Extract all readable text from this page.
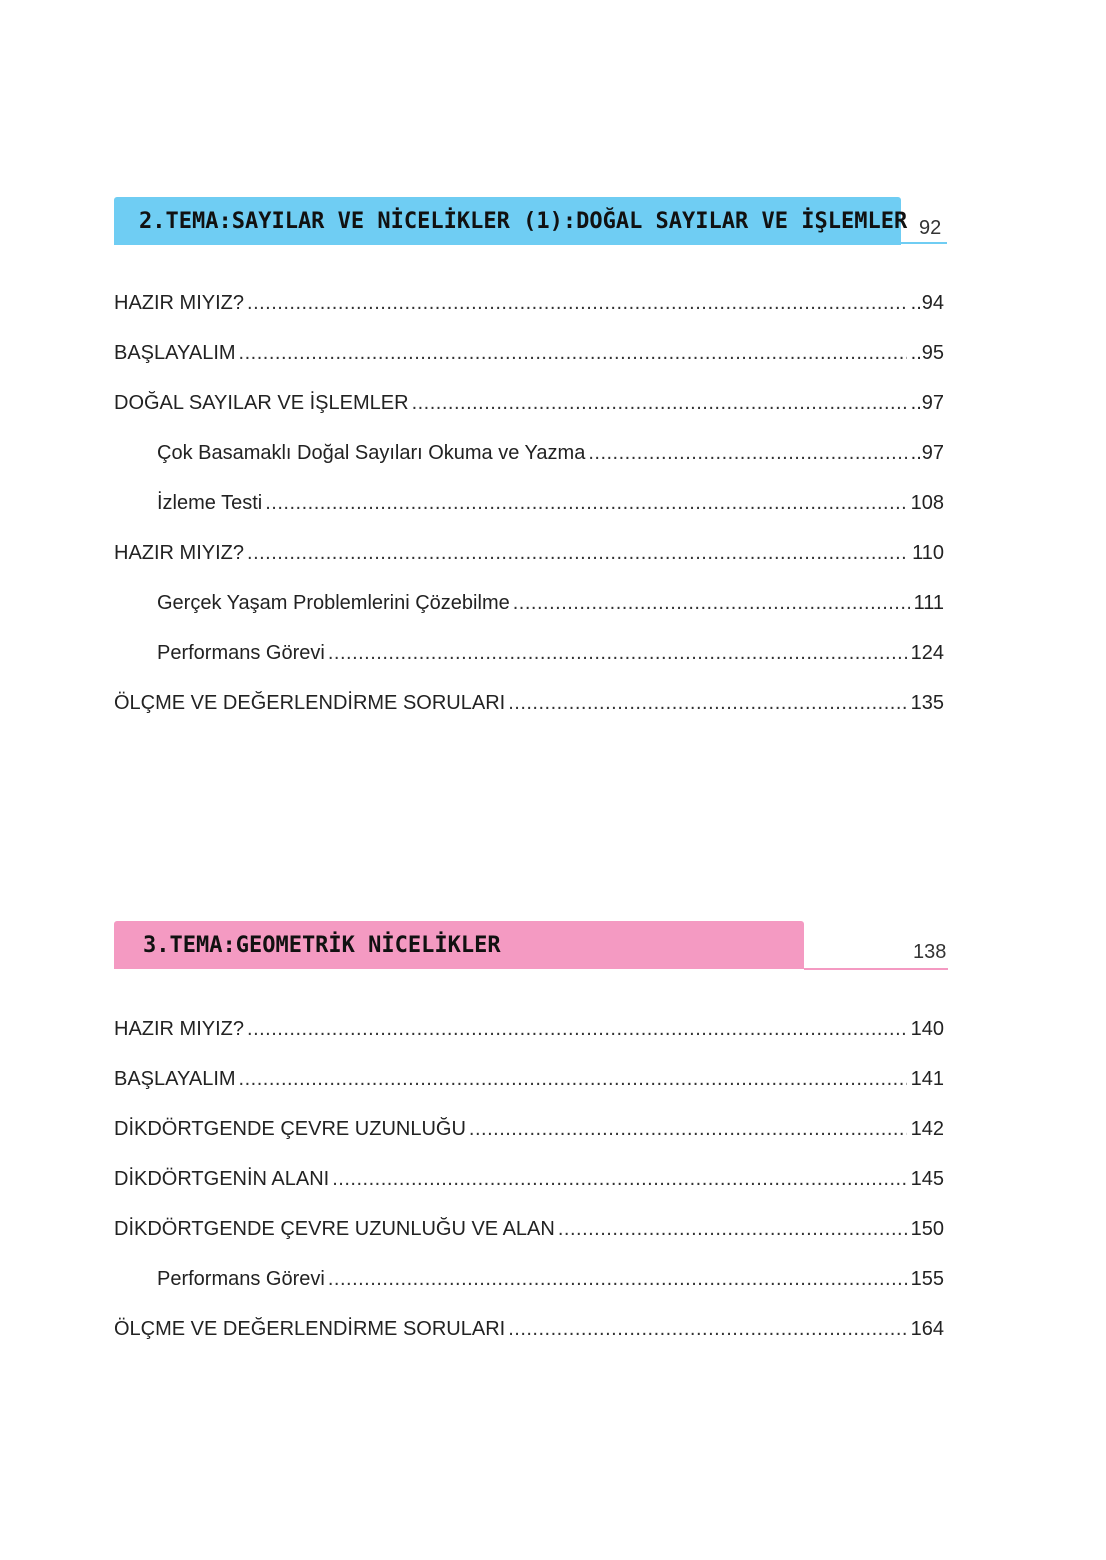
2.TEMA:SAYILAR VE NİCELİKLER (1):DOĞAL SAYILAR VE İŞLEMLER 92
HAZIR MIYIZ? .....	..94
BAŞLAYALIM .....	..95
DOĞAL SAYILAR VE İŞLEMLER .....	..97
Çok Basamaklı Doğal Sayıları Okuma ve Yazma .....	..97
İzleme Testi .....	108
HAZIR MIYIZ? .....	110
Gerçek Yaşam Problemlerini Çözebilme .....	111
Performans Görevi .....	124
ÖLÇME VE DEĞERLENDİRME SORULARI .....	135
3.TEMA:GEOMETRİK NİCELİKLER	138
HAZIR MIYIZ? .....	140
BAŞLAYALIM .....	141
DİKDÖRTGENDE ÇEVRE UZUNLUĞU .....	142
DİKDÖRTGENİN ALANI .....	145
DİKDÖRTGENDE ÇEVRE UZUNLUĞU VE ALAN .....	150
Performans Görevi .....	155
ÖLÇME VE DEĞERLENDİRME SORULARI .....	164
